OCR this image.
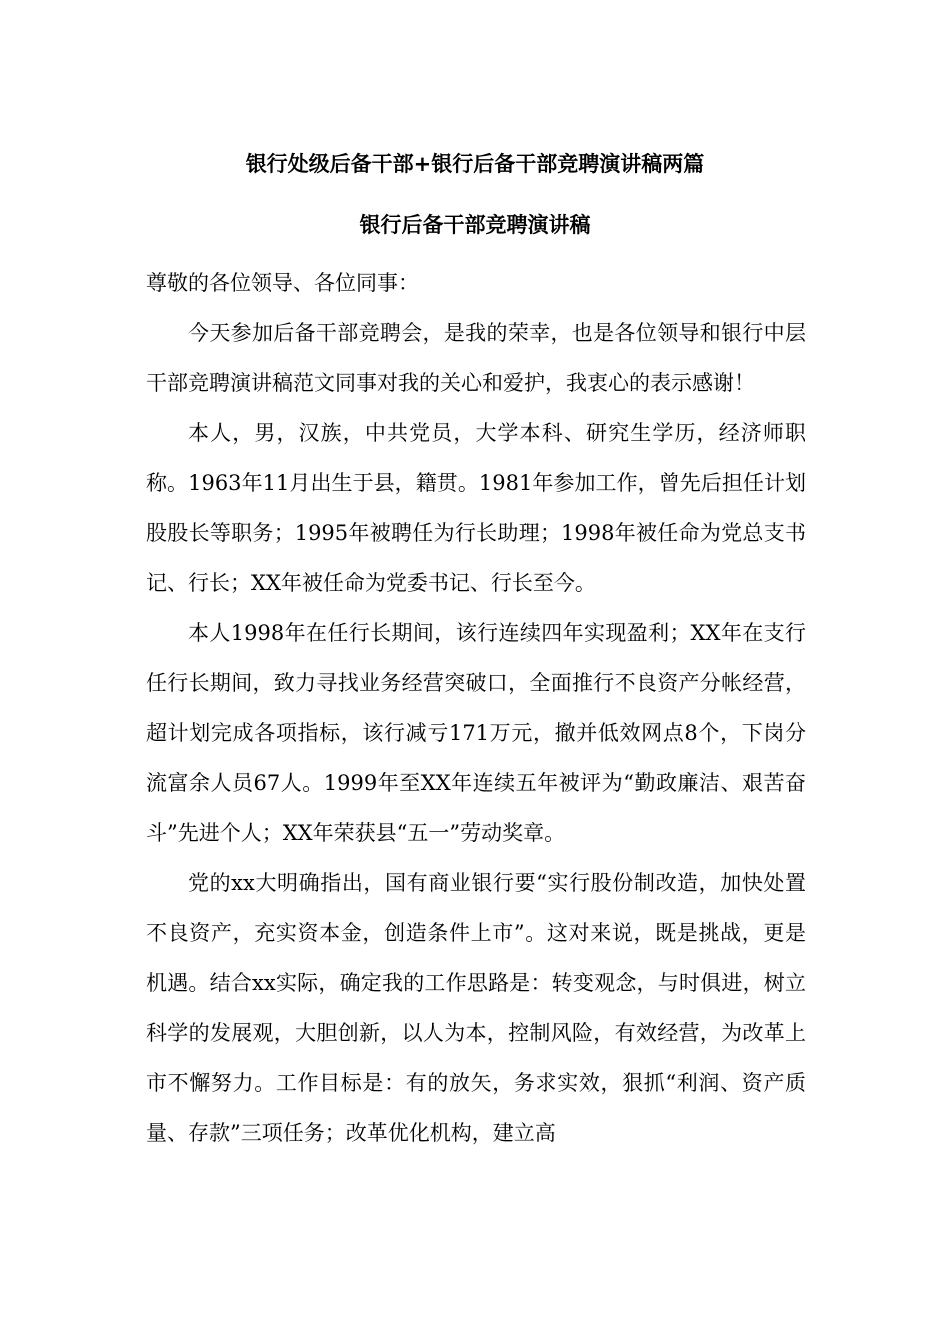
银行处级后备干部+银行后备干部竞聘演讲稿两篇
银行后备干部竞聘演讲稿

尊敬的各位领导、各位同事：

今天参加后备干部竞聘会，是我的荣幸，也是各位领导和银行中层干部竞聘演讲稿范文同事对我的关心和爱护，我衷心的表示感谢！

本人，男，汉族，中共党员，大学本科、研究生学历，经济师职称。1963年11月出生于县，籍贯。1981年参加工作，曾先后担任计划股股长等职务；1995年被聘任为行长助理；1998年被任命为党总支书记、行长；XX年被任命为党委书记、行长至今。

本人1998年在任行长期间，该行连续四年实现盈利；XX年在支行任行长期间，致力寻找业务经营突破口，全面推行不良资产分帐经营，超计划完成各项指标，该行减亏171万元，撤并低效网点8个，下岗分流富余人员67人。1999年至XX年连续五年被评为“勤政廉洁、艰苦奋斗”先进个人；XX年荣获县“五一”劳动奖章。

党的xx大明确指出，国有商业银行要“实行股份制改造，加快处置不良资产，充实资本金，创造条件上市”。这对来说，既是挑战，更是机遇。结合xx实际，确定我的工作思路是：转变观念，与时俱进，树立科学的发展观，大胆创新，以人为本，控制风险，有效经营，为改革上市不懈努力。工作目标是：有的放矢，务求实效，狠抓“利润、资产质量、存款”三项任务；改革优化机构，建立高
